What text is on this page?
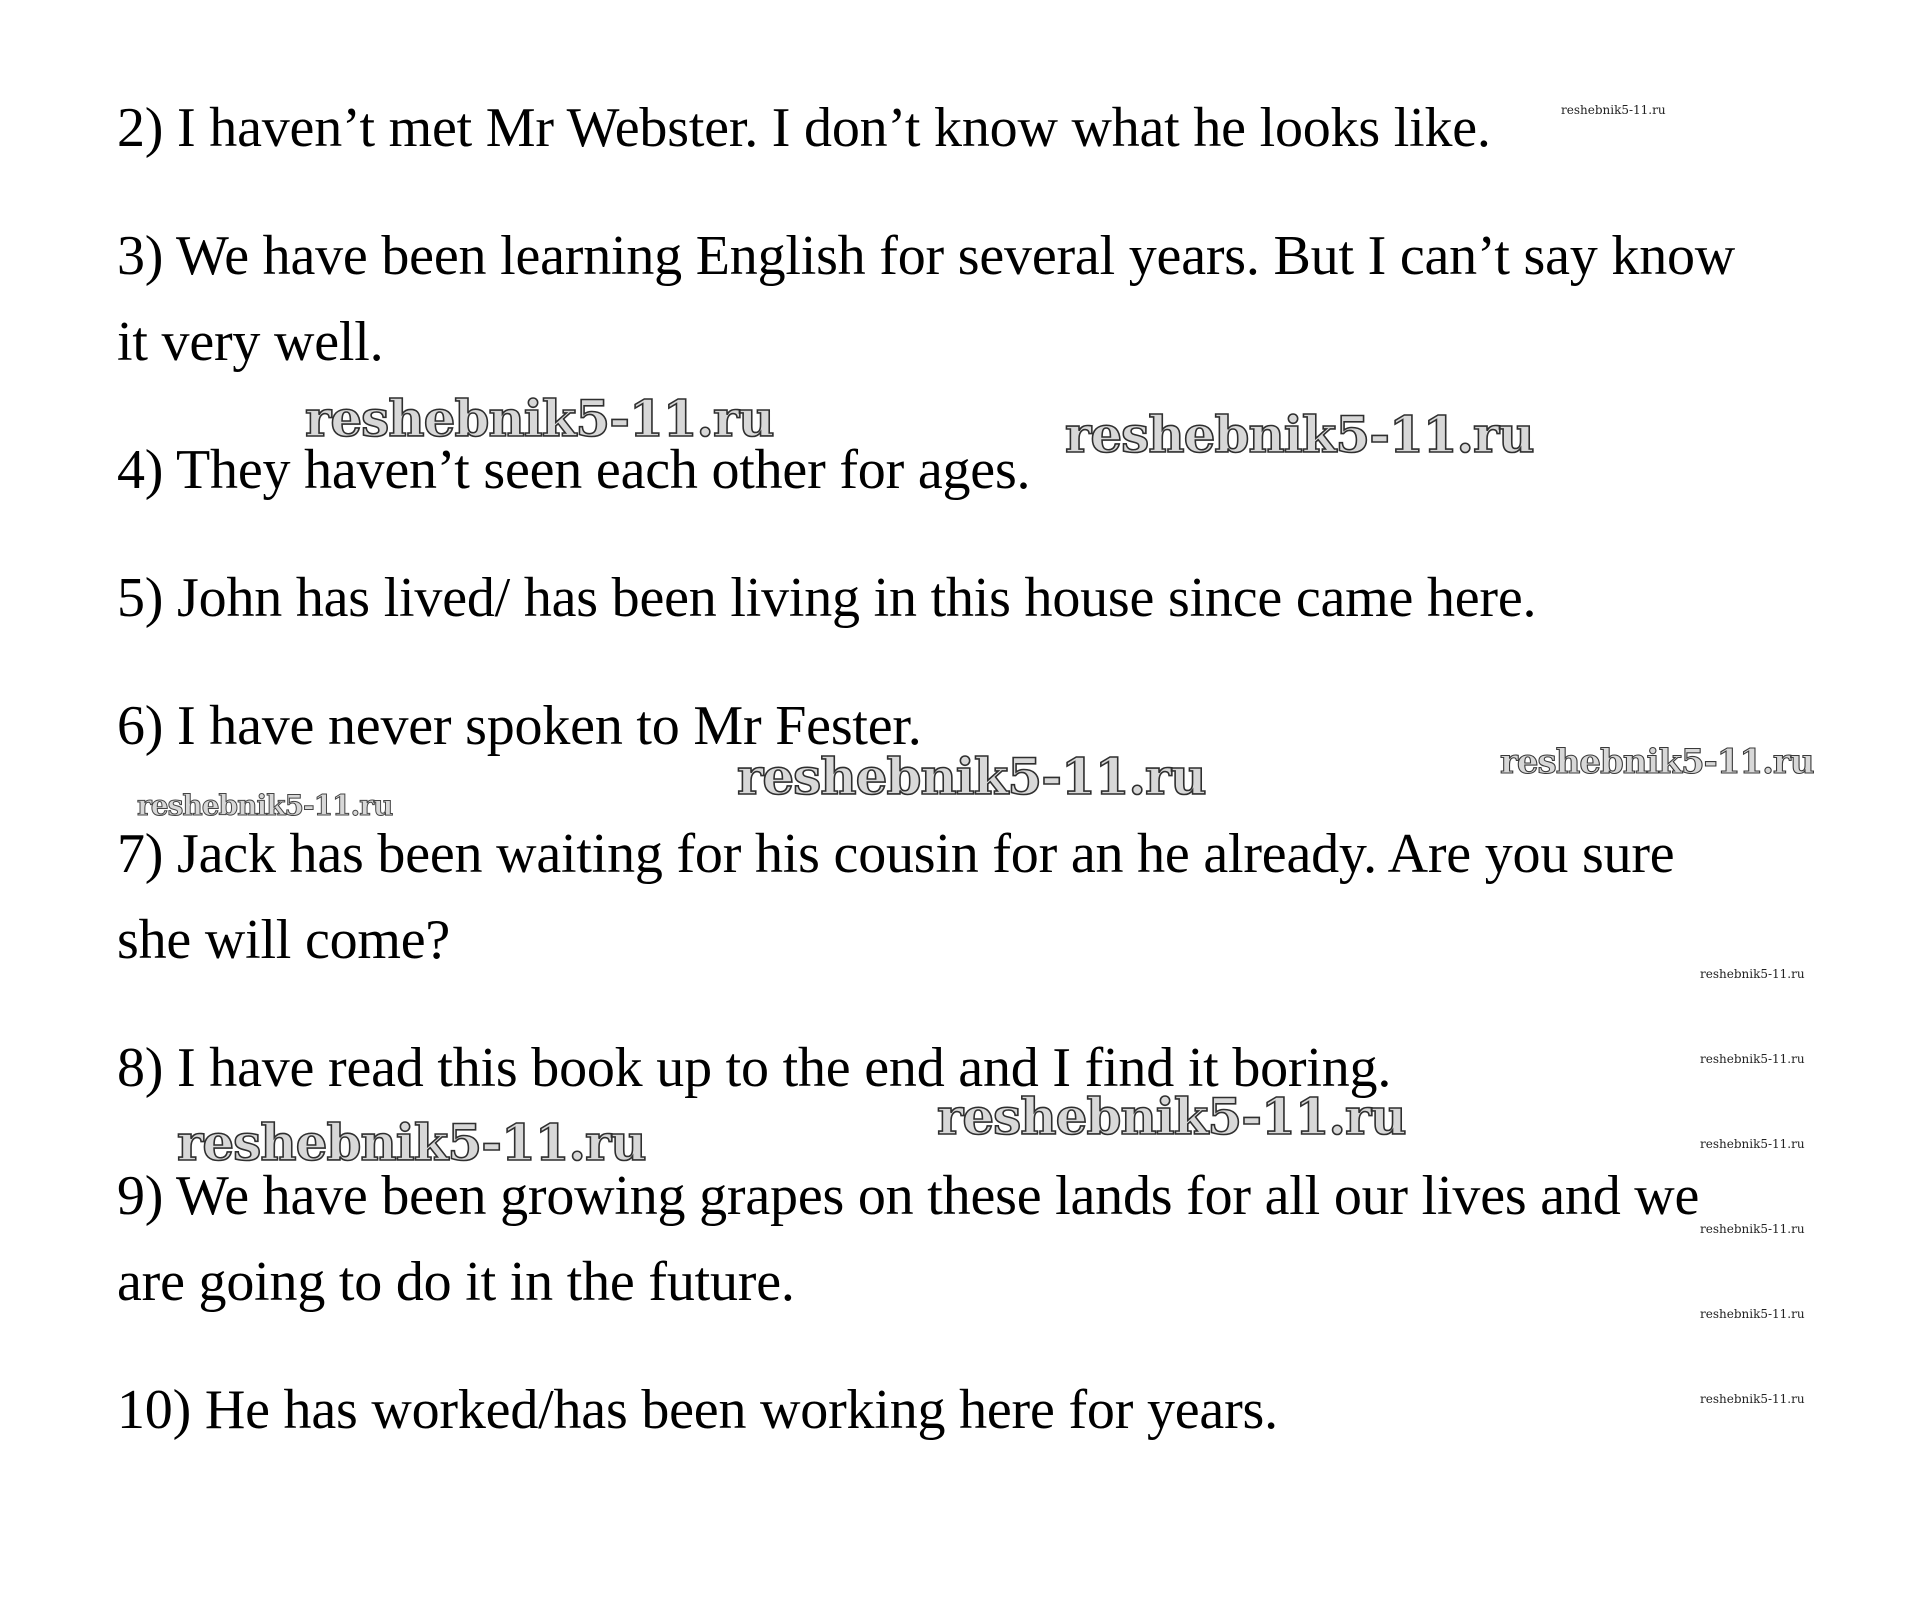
2) I haven’t met Mr Webster. I don’t know what he looks like.
3) We have been learning English for several years. But I can’t say know
it very well.
4) They haven’t seen each other for ages.
5) John has lived/ has been living in this house since came here.
6) I have never spoken to Mr Fester.
7) Jack has been waiting for his cousin for an he already. Are you sure
she will come?
8) I have read this book up to the end and I find it boring.
9) We have been growing grapes on these lands for all our lives and we
are going to do it in the future.
10) He has worked/has been working here for years.
reshebnik5-11.ru
reshebnik5-11.ru	reshebnik5-11.ru
reshebnik5-11.ru	reshebnik5-11.ru
reshebnik5-11.ru
reshebnik5-11.ru
reshebnik5-11.ru
reshebnik5-11.ru
reshebnik5-11.ru
reshebnik5-11.ru
reshebnik5-11.ru
reshebnik5-11.ru
reshebnik5-11.ru
